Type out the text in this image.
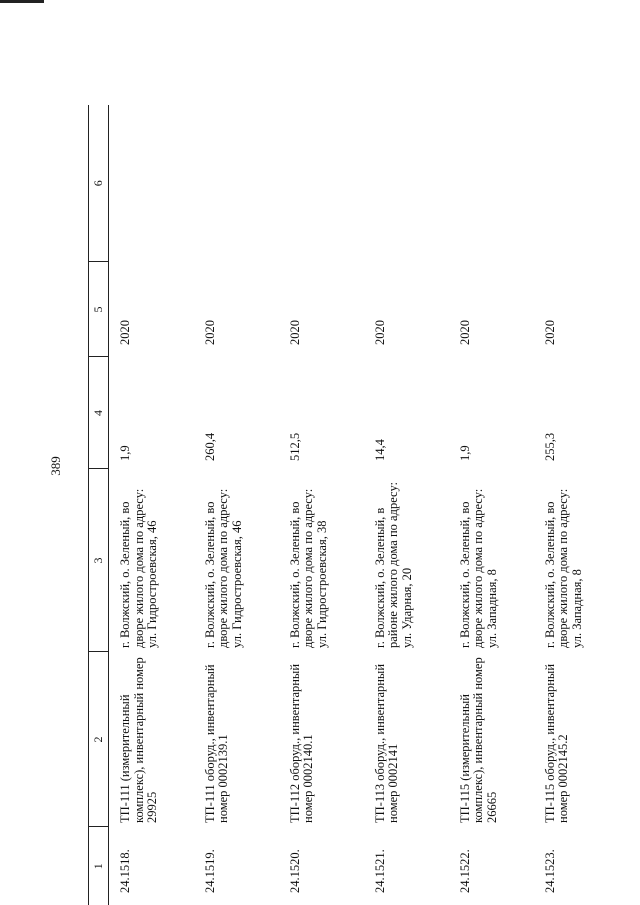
389
1	2	3	4	5	6
24.1518.	ТП-111 (измерительный комплекс), инвентарный номер 29925	г. Волжский, о. Зеленый, во дворе жилого дома по адресу: ул. Гидростроевская, 46	1,9	2020	
24.1519.	ТП-111 оборуд., инвентарный номер 0002139.1	г. Волжский, о. Зеленый, во дворе жилого дома по адресу: ул. Гидростроевская, 46	260,4	2020	
24.1520.	ТП-112 оборуд., инвентарный номер 0002140.1	г. Волжский, о. Зеленый, во дворе жилого дома по адресу: ул. Гидростроевская, 38	512,5	2020	
24.1521.	ТП-113 оборуд., инвентарный номер 0002141	г. Волжский, о. Зеленый, в районе жилого дома по адресу: ул. Ударная, 20	14,4	2020	
24.1522.	ТП-115 (измерительный комплекс), инвентарный номер 26665	г. Волжский, о. Зеленый, во дворе жилого дома по адресу: ул. Западная, 8	1,9	2020	
24.1523.	ТП-115 оборуд., инвентарный номер 0002145.2	г. Волжский, о. Зеленый, во дворе жилого дома по адресу: ул. Западная, 8	255,3	2020	
